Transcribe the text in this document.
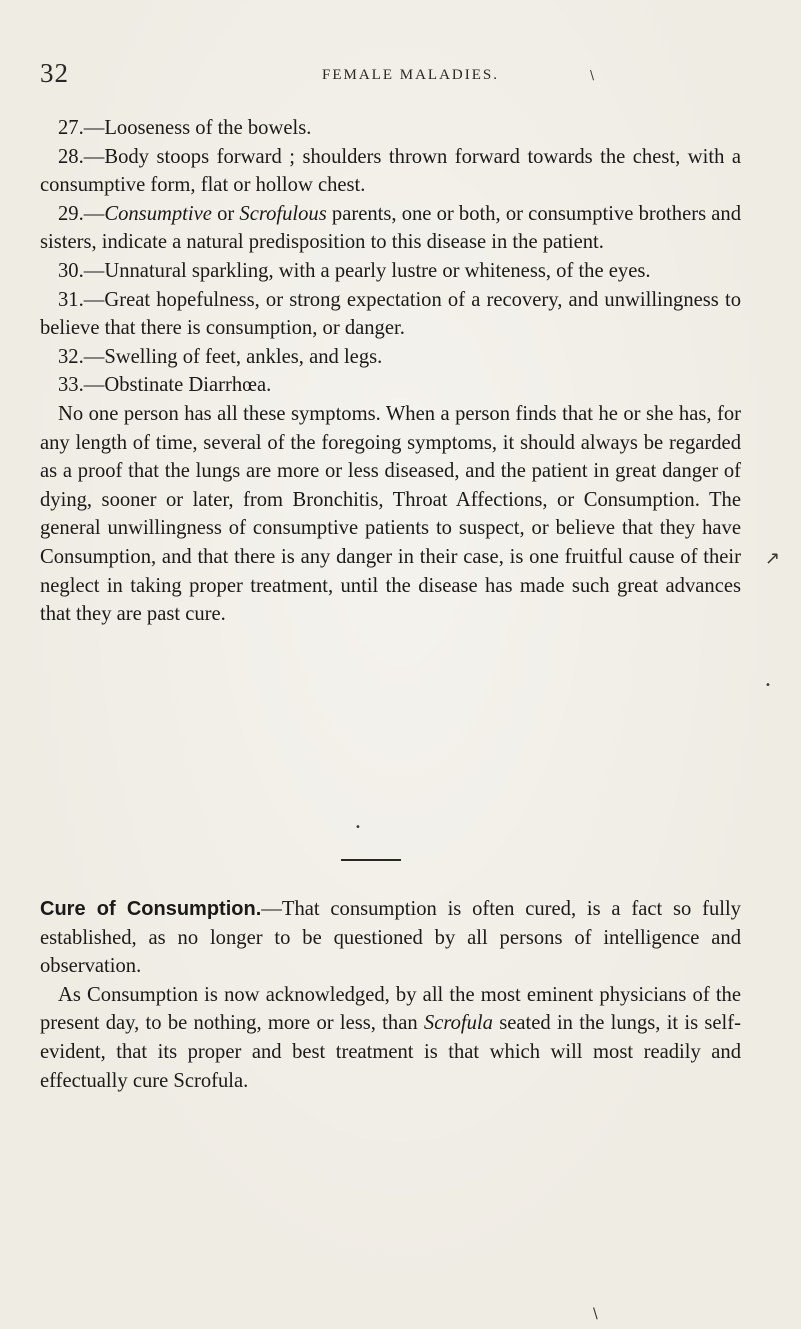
32	FEMALE MALADIES.

27.—Looseness of the bowels.

28.—Body stoops forward ; shoulders thrown forward towards the chest, with a consumptive form, flat or hollow chest.

29.—Consumptive or Scrofulous parents, one or both, or consumptive brothers and sisters, indicate a natural predisposition to this disease in the patient.

30.—Unnatural sparkling, with a pearly lustre or whiteness, of the eyes.

31.—Great hopefulness, or strong expectation of a recovery, and unwillingness to believe that there is consumption, or danger.

32.—Swelling of feet, ankles, and legs.

33.—Obstinate Diarrhœa.

No one person has all these symptoms. When a person finds that he or she has, for any length of time, several of the foregoing symptoms, it should always be regarded as a proof that the lungs are more or less diseased, and the patient in great danger of dying, sooner or later, from Bronchitis, Throat Affections, or Consumption. The general unwillingness of consumptive patients to suspect, or believe that they have Consumption, and that there is any danger in their case, is one fruitful cause of their neglect in taking proper treatment, until the disease has made such great advances that they are past cure.

Cure of Consumption.—That consumption is often cured, is a fact so fully established, as no longer to be questioned by all persons of intelligence and observation.

As Consumption is now acknowledged, by all the most eminent physicians of the present day, to be nothing, more or less, than Scrofula seated in the lungs, it is self-evident, that its proper and best treatment is that which will most readily and effectually cure Scrofula.

\
↗
•
•
\
